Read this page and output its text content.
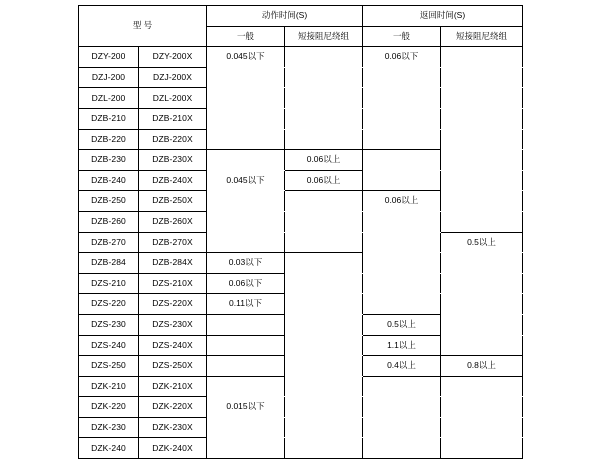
型 号		动作时间(S)		返回时间(S)	
		一般	短接阻尼绕组	一般	短接阻尼绕组
DZY-200	DZY-200X	0.045以下		0.06以下	
DZJ-200	DZJ-200X				
DZL-200	DZL-200X				
DZB-210	DZB-210X				
DZB-220	DZB-220X				
DZB-230	DZB-230X		0.06以上		
DZB-240	DZB-240X	0.045以下	0.06以上		
DZB-250	DZB-250X			0.06以上	
DZB-260	DZB-260X				
DZB-270	DZB-270X				0.5以上
DZB-284	DZB-284X	0.03以下			
DZS-210	DZS-210X	0.06以下			
DZS-220	DZS-220X	0.11以下			
DZS-230	DZS-230X			0.5以上	
DZS-240	DZS-240X			1.1以上	
DZS-250	DZS-250X			0.4以上	0.8以上
DZK-210	DZK-210X				
DZK-220	DZK-220X	0.015以下			
DZK-230	DZK-230X				
DZK-240	DZK-240X				
